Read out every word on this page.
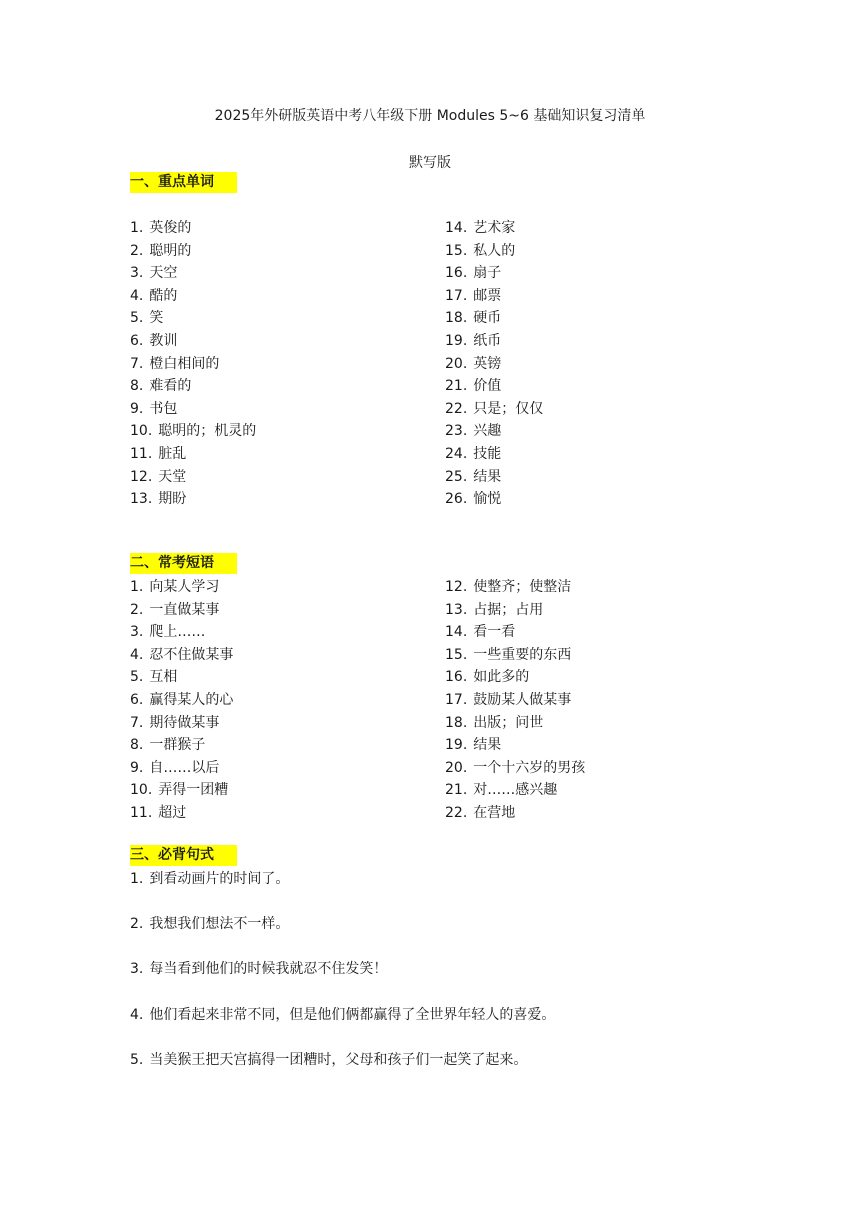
2025年外研版英语中考八年级下册 Modules 5~6 基础知识复习清单
默写版
一、重点单词
1. 英俊的
2. 聪明的
3. 天空
4. 酷的
5. 笑
6. 教训
7. 橙白相间的
8. 难看的
9. 书包
10. 聪明的；机灵的
11. 脏乱
12. 天堂
13. 期盼
14. 艺术家
15. 私人的
16. 扇子
17. 邮票
18. 硬币
19. 纸币
20. 英镑
21. 价值
22. 只是；仅仅
23. 兴趣
24. 技能
25. 结果
26. 愉悦
二、常考短语
1. 向某人学习
2. 一直做某事
3. 爬上……
4. 忍不住做某事
5. 互相
6. 赢得某人的心
7. 期待做某事
8. 一群猴子
9. 自……以后
10. 弄得一团糟
11. 超过
12. 使整齐；使整洁
13. 占据；占用
14. 看一看
15. 一些重要的东西
16. 如此多的
17. 鼓励某人做某事
18. 出版；问世
19. 结果
20. 一个十六岁的男孩
21. 对……感兴趣
22. 在营地
三、必背句式
1. 到看动画片的时间了。
2. 我想我们想法不一样。
3. 每当看到他们的时候我就忍不住发笑！
4. 他们看起来非常不同，但是他们俩都赢得了全世界年轻人的喜爱。
5. 当美猴王把天宫搞得一团糟时，父母和孩子们一起笑了起来。
